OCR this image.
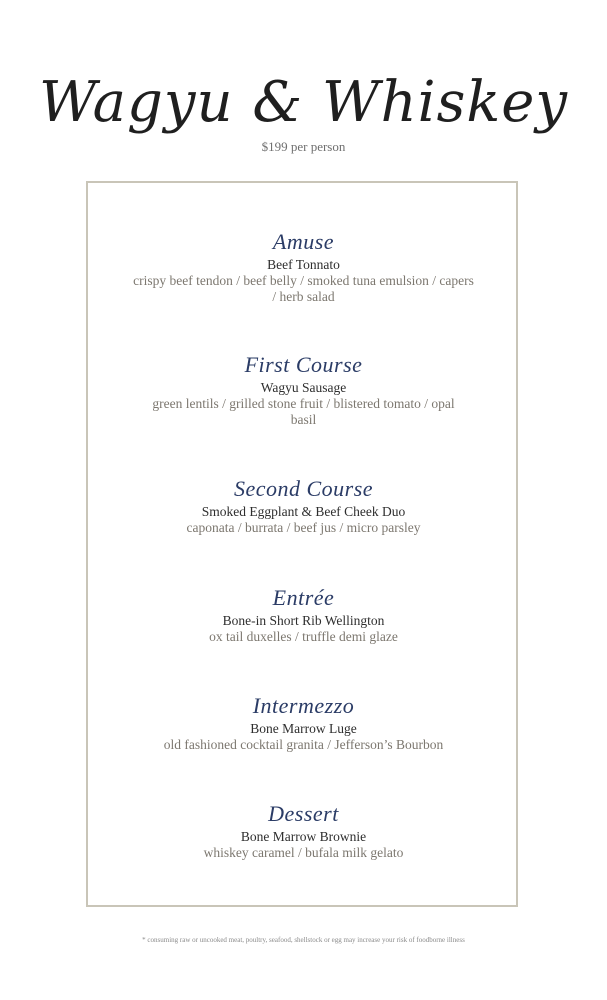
Wagyu & Whiskey
$199 per person
Amuse
Beef Tonnato
crispy beef tendon / beef belly / smoked tuna emulsion / capers / herb salad
First Course
Wagyu Sausage
green lentils / grilled stone fruit / blistered tomato / opal basil
Second Course
Smoked Eggplant & Beef Cheek Duo
caponata / burrata / beef jus / micro parsley
Entrée
Bone-in Short Rib Wellington
ox tail duxelles / truffle demi glaze
Intermezzo
Bone Marrow Luge
old fashioned cocktail granita / Jefferson’s Bourbon
Dessert
Bone Marrow Brownie
whiskey caramel / bufala milk gelato
* consuming raw or uncooked meat, poultry, seafood, shellstock or egg may increase your risk of foodborne illness
